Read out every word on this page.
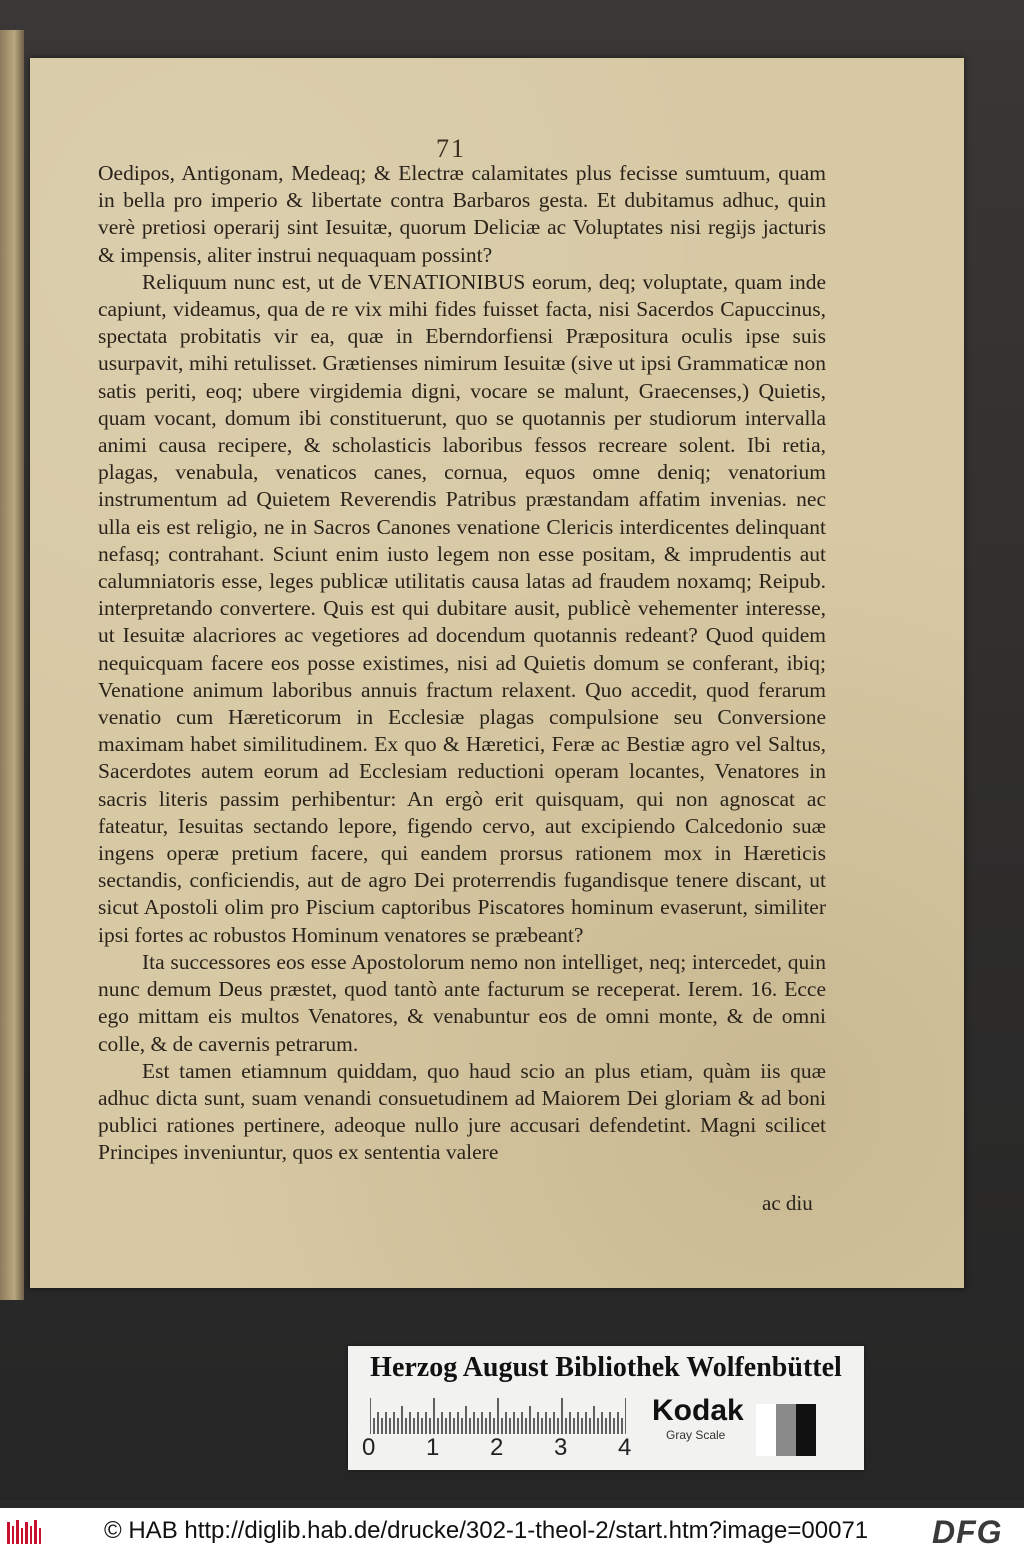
71

Oedipos, Antigonam, Medeaq; & Electræ calamitates plus fecisse sumtuum, quam in bella pro imperio & libertate contra Barbaros gesta. Et dubitamus adhuc, quin verè pretiosi operarij sint Iesuitæ, quorum Deliciæ ac Voluptates nisi regijs jacturis & impensis, aliter instrui nequaquam possint?

Reliquum nunc est, ut de VENATIONIBUS eorum, deq; voluptate, quam inde capiunt, videamus, qua de re vix mihi fides fuisset facta, nisi Sacerdos Capuccinus, spectata probitatis vir ea, quæ in Eberndorfiensi Præpositura oculis ipse suis usurpavit, mihi retulisset. Grætienses nimirum Iesuitæ (sive ut ipsi Grammaticæ non satis periti, eoq; ubere virgidemia digni, vocare se malunt, Graecenses,) Quietis, quam vocant, domum ibi constituerunt, quo se quotannis per studiorum intervalla animi causa recipere, & scholasticis laboribus fessos recreare solent. Ibi retia, plagas, venabula, venaticos canes, cornua, equos omne deniq; venatorium instrumentum ad Quietem Reverendis Patribus præstandam affatim invenias. nec ulla eis est religio, ne in Sacros Canones venatione Clericis interdicentes delinquant nefasq; contrahant. Sciunt enim iusto legem non esse positam, & imprudentis aut calumniatoris esse, leges publicæ utilitatis causa latas ad fraudem noxamq; Reipub. interpretando convertere. Quis est qui dubitare ausit, publicè vehementer interesse, ut Iesuitæ alacriores ac vegetiores ad docendum quotannis redeant? Quod quidem nequicquam facere eos posse existimes, nisi ad Quietis domum se conferant, ibiq; Venatione animum laboribus annuis fractum relaxent. Quo accedit, quod ferarum venatio cum Hæreticorum in Ecclesiæ plagas compulsione seu Conversione maximam habet similitudinem. Ex quo & Hæretici, Feræ ac Bestiæ agro vel Saltus, Sacerdotes autem eorum ad Ecclesiam reductioni operam locantes, Venatores in sacris literis passim perhibentur: An ergò erit quisquam, qui non agnoscat ac fateatur, Iesuitas sectando lepore, figendo cervo, aut excipiendo Calcedonio suæ ingens operæ pretium facere, qui eandem prorsus rationem mox in Hæreticis sectandis, conficiendis, aut de agro Dei proterrendis fugandisque tenere discant, ut sicut Apostoli olim pro Piscium captoribus Piscatores hominum evaserunt, similiter ipsi fortes ac robustos Hominum venatores se præbeant?

Ita successores eos esse Apostolorum nemo non intelliget, neq; intercedet, quin nunc demum Deus præstet, quod tantò ante facturum se receperat. Ierem. 16. Ecce ego mittam eis multos Venatores, & venabuntur eos de omni monte, & de omni colle, & de cavernis petrarum.

Est tamen etiamnum quiddam, quo haud scio an plus etiam, quàm iis quæ adhuc dicta sunt, suam venandi consuetudinem ad Maiorem Dei gloriam & ad boni publici rationes pertinere, adeoque nullo jure accusari defendetint. Magni scilicet Principes inveniuntur, quos ex sententia valere

ac diu
Herzog August Bibliothek Wolfenbüttel
0 1 2 3 4
Kodak
Gray Scale
© HAB http://diglib.hab.de/drucke/302-1-theol-2/start.htm?image=00071 DFG
